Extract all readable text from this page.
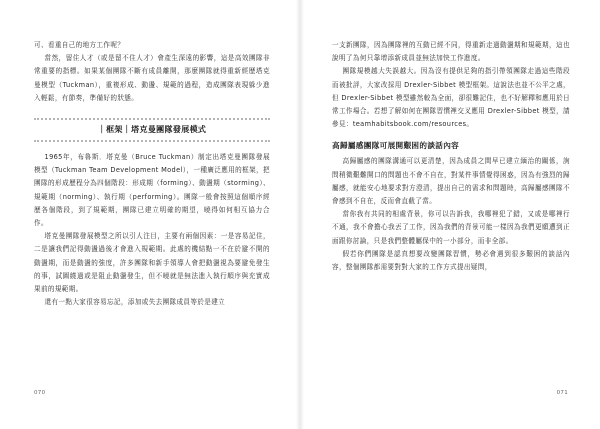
可、看重自己的地方工作呢？

當然，留住人才（或是留不住人才）會產生深遠的影響，這是高效團隊非常重要的指標。如果某個團隊不斷有成員離開，那麼團隊就得重新經歷塔克曼模型（Tuckman），重複形成、動盪、規範的過程，造成團隊表現躲少進入輕鬆，有節奏，準備好的狀態。

｜框架｜塔克曼團隊發展模式

1965年，布魯斯．塔克曼（Bruce Tuckman）制定出塔克曼團隊發展模型（Tuckman Team Development Model），一種廣泛應用的框架，把團隊的形成歷程分為四個階段：形成期（forming）、動盪期（storming）、規範期（norming）、執行期（performing）。團隊一般會按照這個順序經歷各個階段，到了規範期，團隊已建立明確的期望，曉得如何相互協力合作。

塔克曼團隊發展模型之所以引人注目，主要有兩個因素：一是容易記住，二是讓我們記得動盪過後才會進入規範期。此處的機結點一不在於避不開的動盪期，而是動盪的強度，許多團隊和新手領導人會把動盪視為要避免發生的事，試圖繞過或是阻止動盪發生，但不曉就是無法進入執行順序與充實成果前的規範期。

還有一點大家很容易忘記，添加或失去團隊成員等於是建立

070

一支新團隊，因為團隊裡的互動已經不同，得重新走過動盪期和規範期，這也說明了為何只靠增添新成員並無法加快工作進度。

團隊規模越大失誤越大。因為沒有提供足夠的指引帶領團隊走過這些階段而被批評，大家改採用 Drexler-Sibbet 模型框架。這說法也並不公平之處，但 Drexler-Sibbet 模型雖然較為全面，卻很難記住，也不好解釋和應用於日常工作場合。若想了解如何在團隊習慣裡交叉應用 Drexler-Sibbet 模型，請參見：teamhabitsbook.com/resources。

高歸屬感團隊可展開艱困的談話內容

高歸屬感的團隊溝通可以更清楚，因為成員之間早已建立緬治的關係，詢問稍微艱難開口的問題也不會不自在，對某件事情覺得困惑，因為有強烈的歸屬感，就能安心地要求對方澄清，提出自己的需求和問題時，高歸屬感團隊不會感到不自在，反而會直截了當。

當你我有共同的相處背景，你可以告訴我，我哪裡犯了錯，又或是哪裡行不通，我不會擔心我丟了工作，因為我們的背景可能一樣因為我們更願遭到正面跟你討論，只是我們整體屬保中的一小部分，而非全部。

假若你們團隊是認真想要改變團隊習慣，勢必會遇到很多艱困的談話內容，整個團隊都需要對對大家的工作方式提出疑問，

071
